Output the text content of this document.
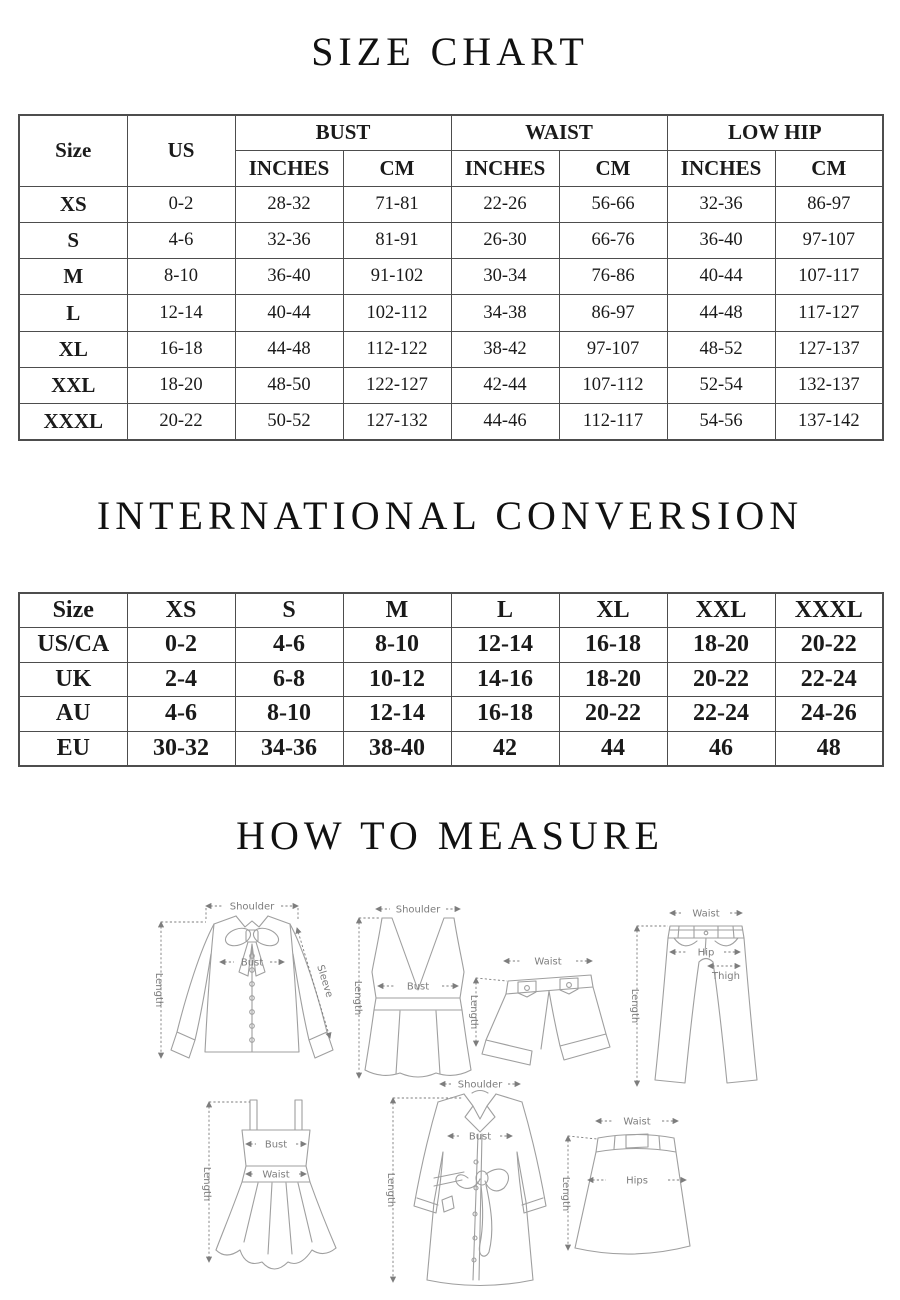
SIZE CHART
Size	US	BUST		WAIST		LOW HIP	
		INCHES	CM	INCHES	CM	INCHES	CM
XS	0-2	28-32	71-81	22-26	56-66	32-36	86-97
S	4-6	32-36	81-91	26-30	66-76	36-40	97-107
M	8-10	36-40	91-102	30-34	76-86	40-44	107-117
L	12-14	40-44	102-112	34-38	86-97	44-48	117-127
XL	16-18	44-48	112-122	38-42	97-107	48-52	127-137
XXL	18-20	48-50	122-127	42-44	107-112	52-54	132-137
XXXL	20-22	50-52	127-132	44-46	112-117	54-56	137-142
INTERNATIONAL CONVERSION
Size	XS	S	M	L	XL	XXL	XXXL
US/CA	0-2	4-6	8-10	12-14	16-18	18-20	20-22
UK	2-4	6-8	10-12	14-16	18-20	20-22	22-24
AU	4-6	8-10	12-14	16-18	20-22	22-24	24-26
EU	30-32	34-36	38-40	42	44	46	48
HOW TO MEASURE
Shoulder
Bust
Length	Sleeve
Shoulder
Bust
Length
Waist
Length
Waist
Hip
Thigh
Length
Bust
Waist
Length
Shoulder
Bust
Length
Waist
Hips
Length
